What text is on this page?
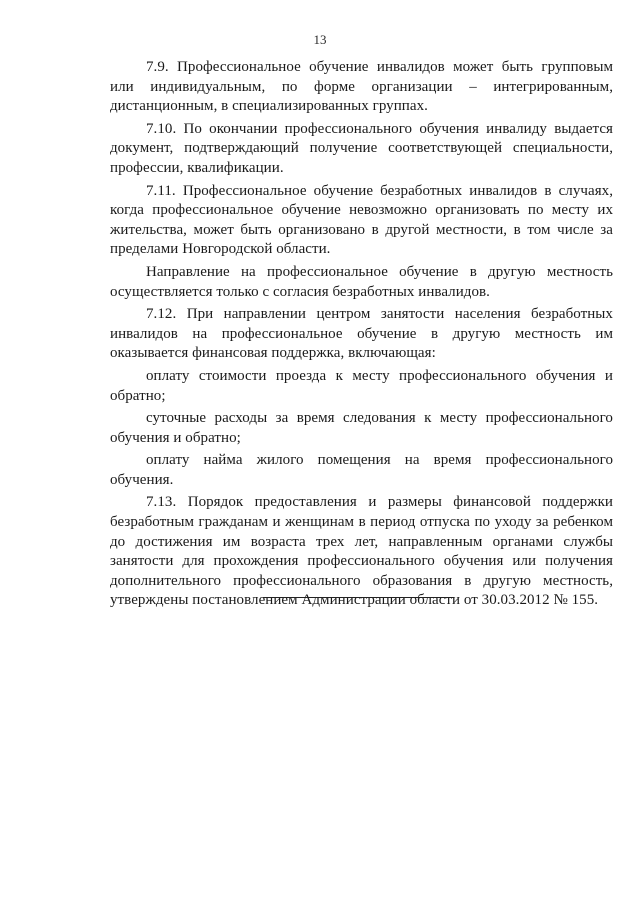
13

7.9. Профессиональное обучение инвалидов может быть групповым или индивидуальным, по форме организации – интегрированным, дистанционным, в специализированных группах.

7.10. По окончании профессионального обучения инвалиду выдается документ, подтверждающий получение соответствующей специальности, профессии, квалификации.

7.11. Профессиональное обучение безработных инвалидов в случаях, когда профессиональное обучение невозможно организовать по месту их жительства, может быть организовано в другой местности, в том числе за пределами Новгородской области.

Направление на профессиональное обучение в другую местность осуществляется только с согласия безработных инвалидов.

7.12. При направлении центром занятости населения безработных инвалидов на профессиональное обучение в другую местность им оказывается финансовая поддержка, включающая:

оплату стоимости проезда к месту профессионального обучения и обратно;

суточные расходы за время следования к месту профессионального обучения и обратно;

оплату найма жилого помещения на время профессионального обучения.

7.13. Порядок предоставления и размеры финансовой поддержки безработным гражданам и женщинам в период отпуска по уходу за ребенком до достижения им возраста трех лет, направленным органами службы занятости для прохождения профессионального обучения или получения дополнительного профессионального образования в другую местность, утверждены постановлением Администрации области от 30.03.2012 № 155.
